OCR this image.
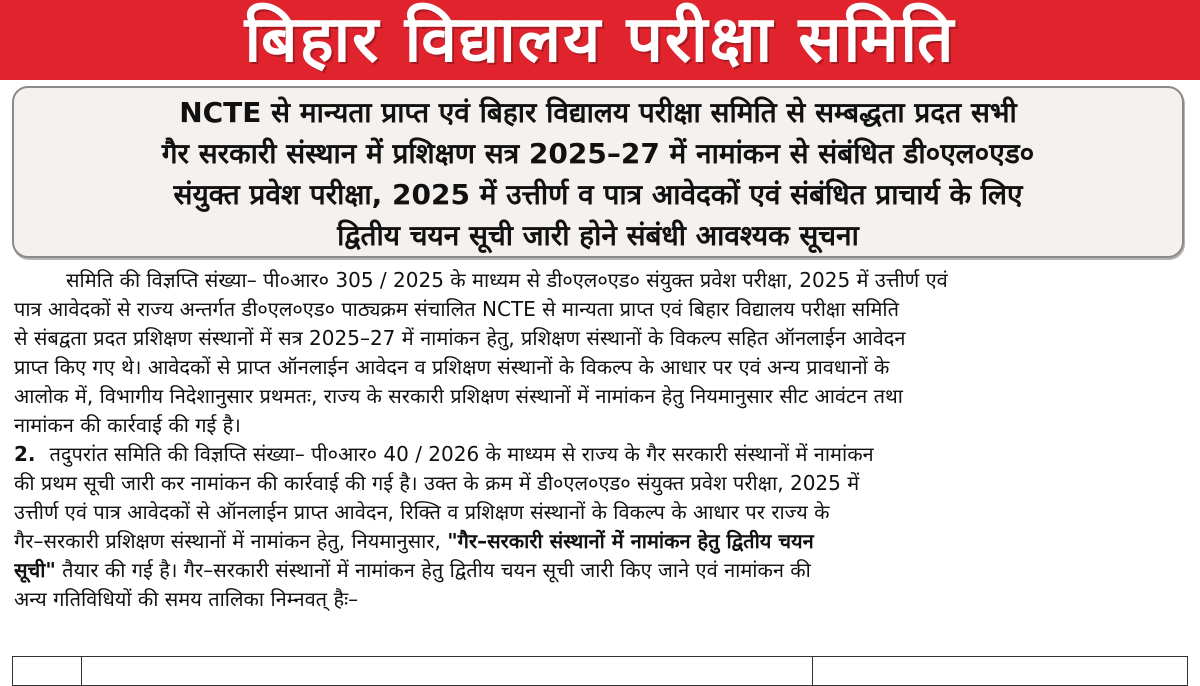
बिहार विद्यालय परीक्षा समिति
NCTE से मान्यता प्राप्त एवं बिहार विद्यालय परीक्षा समिति से सम्बद्धता प्रदत सभी
गैर सरकारी संस्थान में प्रशिक्षण सत्र 2025–27 में नामांकन से संबंधित डी०एल०एड०
संयुक्त प्रवेश परीक्षा, 2025 में उत्तीर्ण व पात्र आवेदकों एवं संबंधित प्राचार्य के लिए
द्वितीय चयन सूची जारी होने संबंधी आवश्यक सूचना
समिति की विज्ञप्ति संख्या– पी०आर० 305 / 2025 के माध्यम से डी०एल०एड० संयुक्त प्रवेश परीक्षा, 2025 में उत्तीर्ण एवं
पात्र आवेदकों से राज्य अन्तर्गत डी०एल०एड० पाठ्यक्रम संचालित NCTE से मान्यता प्राप्त एवं बिहार विद्यालय परीक्षा समिति
से संबद्वता प्रदत प्रशिक्षण संस्थानों में सत्र 2025–27 में नामांकन हेतु, प्रशिक्षण संस्थानों के विकल्प सहित ऑनलाईन आवेदन
प्राप्त किए गए थे। आवेदकों से प्राप्त ऑनलाईन आवेदन व प्रशिक्षण संस्थानों के विकल्प के आधार पर एवं अन्य प्रावधानों के
आलोक में, विभागीय निदेशानुसार प्रथमतः, राज्य के सरकारी प्रशिक्षण संस्थानों में नामांकन हेतु नियमानुसार सीट आवंटन तथा
नामांकन की कार्रवाई की गई है।
2. तदुपरांत समिति की विज्ञप्ति संख्या– पी०आर० 40 / 2026 के माध्यम से राज्य के गैर सरकारी संस्थानों में नामांकन
की प्रथम सूची जारी कर नामांकन की कार्रवाई की गई है। उक्त के क्रम में डी०एल०एड० संयुक्त प्रवेश परीक्षा, 2025 में
उत्तीर्ण एवं पात्र आवेदकों से ऑनलाईन प्राप्त आवेदन, रिक्ति व प्रशिक्षण संस्थानों के विकल्प के आधार पर राज्य के
गैर–सरकारी प्रशिक्षण संस्थानों में नामांकन हेतु, नियमानुसार, "गैर–सरकारी संस्थानों में नामांकन हेतु द्वितीय चयन
सूची" तैयार की गई है। गैर–सरकारी संस्थानों में नामांकन हेतु द्वितीय चयन सूची जारी किए जाने एवं नामांकन की
अन्य गतिविधियों की समय तालिका निम्नवत् हैः–
